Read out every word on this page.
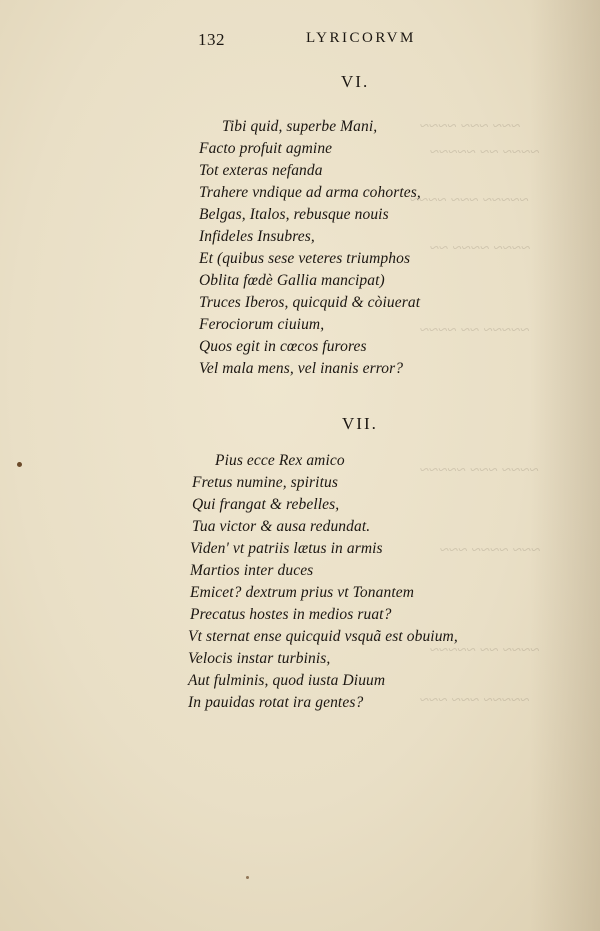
~~~ ~~~ ~~~~
~~~~ ~~ ~~~~~
~~~~~ ~~~ ~~~~
~~~~ ~~~~ ~~
~~~~~ ~~ ~~~~
~~~~ ~~~ ~~~~~
~~~ ~~~~ ~~~
~~~~ ~~ ~~~~~
~~~~~ ~~~ ~~~
132	LYRICORVM
VI.
Tibi quid, superbe Mani,
Facto profuit agmine
Tot exteras nefanda
Trahere vndique ad arma cohortes,
Belgas, Italos, rebusque nouis
Infideles Insubres,
Et (quibus sese veteres triumphos
Oblita fœdè Gallia mancipat)
Truces Iberos, quicquid & còiuerat
Ferociorum ciuium,
Quos egit in cœcos furores
Vel mala mens, vel inanis error?
VII.
Pius ecce Rex amico
Fretus numine, spiritus
Qui frangat & rebelles,
Tua victor & ausa redundat.
Viden' vt patriis lætus in armis
Martios inter duces
Emicet? dextrum prius vt Tonantem
Precatus hostes in medios ruat?
Vt sternat ense quicquid vsquã est obuium,
Velocis instar turbinis,
Aut fulminis, quod iusta Diuum
In pauidas rotat ira gentes?
